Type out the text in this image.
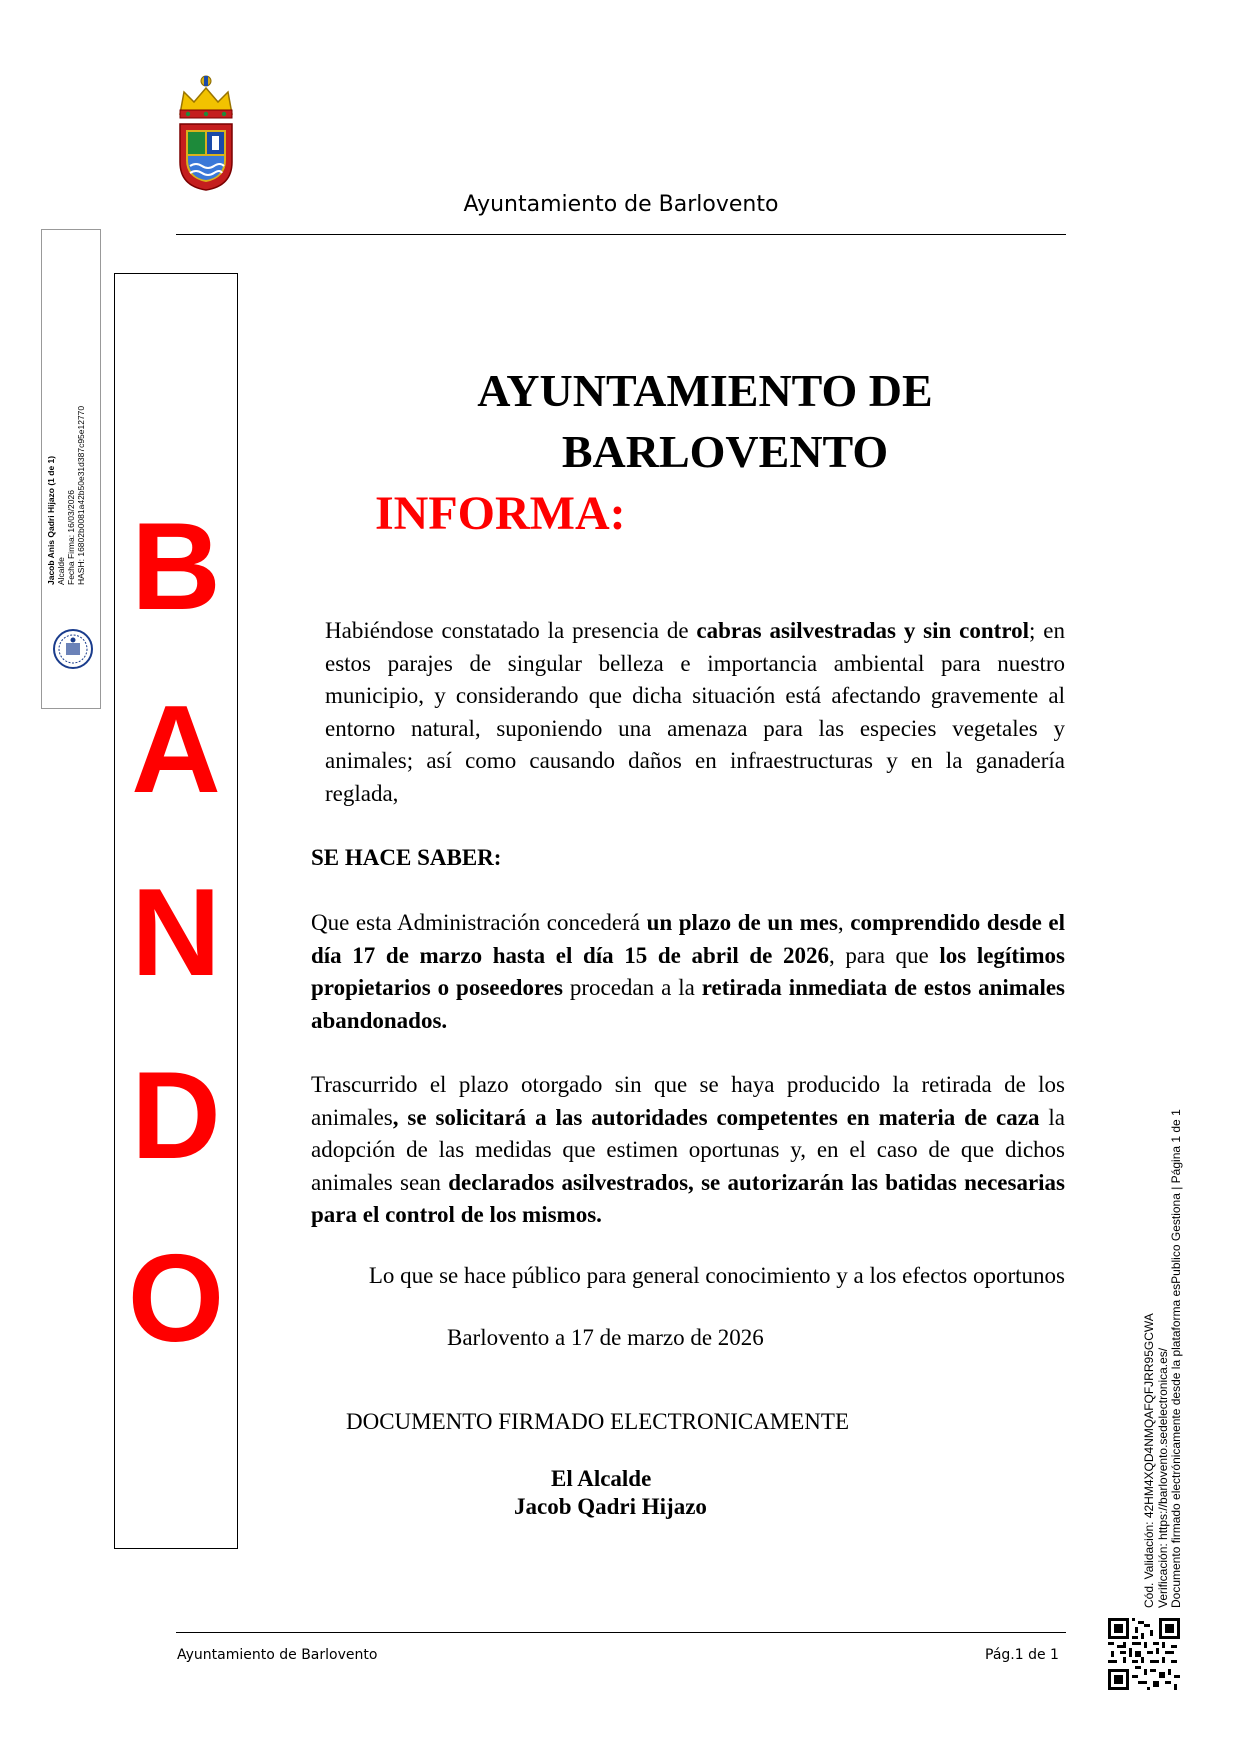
Ayuntamiento de Barlovento
Jacob Anis Qadri Hijazo (1 de 1) Alcalde Fecha Firma: 16/03/2026 HASH: 16802b0081a42b50e31d387c95e12770 B
A
N
D
O
AYUNTAMIENTO DE
BARLOVENTO
INFORMA:
Habiéndose constatado la presencia de cabras asilvestradas y sin control; en estos parajes de singular belleza e importancia ambiental para nuestro municipio, y considerando que dicha situación está afectando gravemente al entorno natural, suponiendo una amenaza para las especies vegetales y animales; así como causando daños en infraestructuras y en la ganadería reglada,
SE HACE SABER:
Que esta Administración concederá un plazo de un mes, comprendido desde el día 17 de marzo hasta el día 15 de abril de 2026, para que los legítimos propietarios o poseedores procedan a la retirada inmediata de estos animales abandonados.
Trascurrido el plazo otorgado sin que se haya producido la retirada de los animales, se solicitará a las autoridades competentes en materia de caza la adopción de las medidas que estimen oportunas y, en el caso de que dichos animales sean declarados asilvestrados, se autorizarán las batidas necesarias para el control de los mismos.
Lo que se hace público para general conocimiento y a los efectos oportunos
Barlovento a 17 de marzo de 2026
DOCUMENTO FIRMADO ELECTRONICAMENTE
El Alcalde
Jacob Qadri Hijazo
Ayuntamiento de Barlovento	Pág.1 de 1
Cód. Validación: 42HM4XQD4NMQAFQFJRR95GCWA Verificación: https://barlovento.sedelectronica.es/ Documento firmado electrónicamente desde la plataforma esPublico Gestiona | Página 1 de 1
